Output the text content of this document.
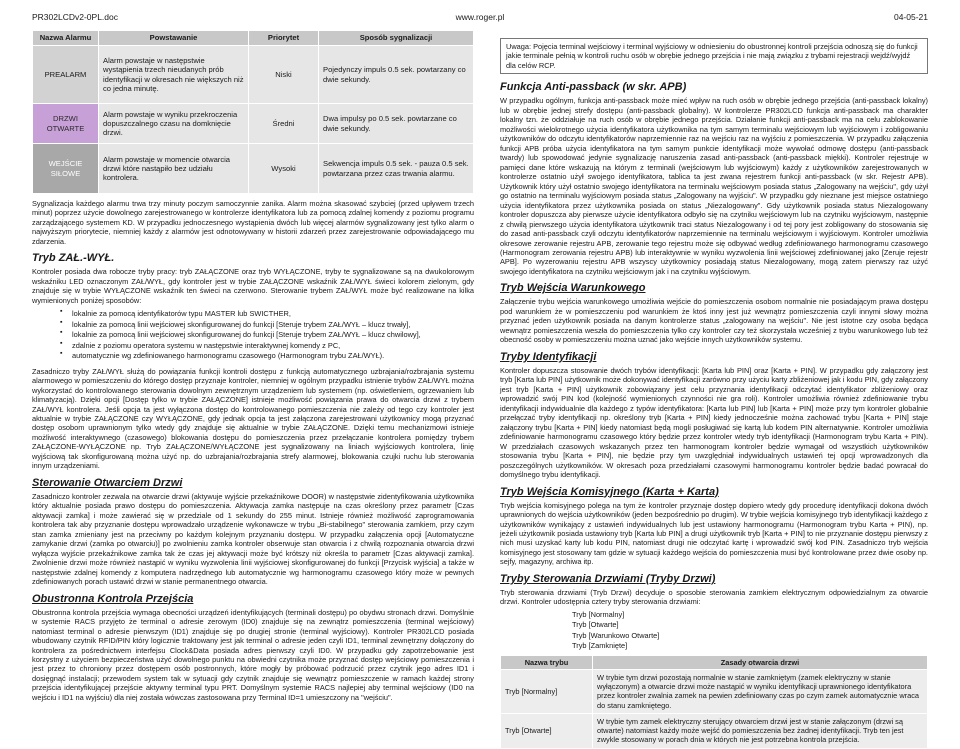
PR302LCDv2-0PL.doc	www.roger.pl	04-05-21
Nazwa Alarmu	Powstawanie	Priorytet	Sposób sygnalizacji
PREALARM	Alarm powstaje w następstwie wystąpienia trzech nieudanych prób identyfikacji w okresach nie większych niż co jedna minutę.	Niski	Pojedynczy impuls 0.5 sek. powtarzany co dwie sekundy.
DRZWI OTWARTE	Alarm powstaje w wyniku przekroczenia dopuszczalnego czasu na domknięcie drzwi.	Średni	Dwa impulsy po 0.5 sek. powtarzane co dwie sekundy.
WEJŚCIE SIŁOWE	Alarm powstaje w momencie otwarcia drzwi które nastąpiło bez udziału kontrolera.	Wysoki	Sekwencja impuls 0.5 sek. - pauza 0.5 sek. powtarzana przez czas trwania alarmu.

Sygnalizacja każdego alarmu trwa trzy minuty poczym samoczynnie zanika. Alarm można skasować szybciej (przed upływem trzech minut) poprzez użycie dowolnego zarejestrowanego w kontrolerze identyfikatora lub za pomocą zdalnej komendy z poziomu programu zarządzającego systemem KD. W przypadku jednoczesnego wystąpienia dwóch lub więcej alarmów sygnalizowany jest tylko alarm o najwyższym priorytecie, niemniej każdy z alarmów jest odnotowywany w historii zdarzeń przez zarejestrowanie odpowiadającego mu zdarzenia.

Tryb ZAŁ.-WYŁ.

Kontroler posiada dwa robocze tryby pracy: tryb ZAŁĄCZONE oraz tryb WYŁĄCZONE, tryby te sygnalizowane są na dwukolorowym wskaźniku LED oznaczonym ZAŁ/WYŁ, gdy kontroler jest w trybie ZAŁĄCZONE wskaźnik ZAŁ/WYŁ świeci kolorem zielonym, gdy znajduje się w trybie WYŁĄCZONE wskaźnik ten świeci na czerwono. Sterowanie trybem ZAŁ/WYŁ może być realizowane na kilka wymienionych poniżej sposobów:

▪ lokalnie za pomocą identyfikatorów typu MASTER lub SWICTHER,
▪ lokalnie za pomocą linii wejściowej skonfigurowanej do funkcji [Steruje trybem ZAŁ/WYŁ – klucz trwały],
▪ lokalnie za pomocą linii wejściowej skonfigurowanej do funkcji [Steruje trybem ZAŁ/WYŁ – klucz chwilowy],
▪ zdalnie z poziomu operatora systemu w następstwie interaktywnej komendy z PC,
▪ automatycznie wg zdefiniowanego harmonogramu czasowego (Harmonogram trybu ZAŁ/WYŁ).

Zasadniczo tryby ZAŁ/WYŁ służą do powiązania funkcji kontroli dostępu z funkcją automatycznego uzbrajania/rozbrajania systemu alarmowego w pomieszczeniu do którego dostęp przyznaje kontroler, niemniej w ogólnym przypadku istnienie trybów ZAŁ/WYŁ można wykorzystać do kontrolowanego sterowania dowolnym zewnętrznym urządzeniem lub systemem (np. oświetleniem, ogrzewaniem lub klimatyzacją). Dzięki opcji [Dostęp tylko w trybie ZAŁĄCZONE] istnieje możliwość powiązania prawa do otwarcia drzwi z trybem ZAŁ/WYŁ kontrolera. Jeśli opcja ta jest wyłączona dostęp do kontrolowanego pomieszczenia nie zależy od tego czy kontroler jest aktualnie w trybie ZAŁĄCZONE czy WYŁĄCZONE, gdy jednak opcja ta jest załączona zarejestrowani użytkownicy mogą przyznać dostęp osobom uprawnionym tylko wtedy gdy znajduje się aktualnie w trybie ZAŁĄCZONE. Dzięki temu mechanizmowi istnieje możliwość interaktywnego (czasowego) blokowania dostępu do pomieszczenia przez przełączanie kontrolera pomiędzy trybem ZAŁĄCZONE-WYŁĄCZONE np. Tryb ZAŁĄCZONE/WYŁĄCZONE jest sygnalizowany na liniach wyjściowych kontrolera, linię wyjściową tak skonfigurowaną można użyć np. do uzbrajania/rozbrajania strefy alarmowej, blokowania czujki ruchu lub sterowania innym urządzeniami.

Sterowanie Otwarciem Drzwi

Zasadniczo kontroler zezwala na otwarcie drzwi (aktywuje wyjście przekaźnikowe DOOR) w następstwie zidentyfikowania użytkownika który aktualnie posiada prawo dostępu do pomieszczenia. Aktywacja zamka następuje na czas określony przez parametr [Czas aktywacji zamka] i może zawierać się w przedziale od 1 sekundy do 255 minut. Istnieje również możliwość zaprogramowania kontrolera tak aby przyznanie dostępu wprowadzało urządzenie wykonawcze w trybu „Bi-stabilnego" sterowania zamkiem, przy czym stan zamka zmieniany jest na przeciwny po każdym kolejnym przyznaniu dostępu. W przypadku załączenia opcji [Automatyczne zamykanie drzwi (zamka po otwarciu)] po zwolnieniu zamka kontroler obserwuje stan otwarcia i z chwilą rozpoznania otwarcia drzwi wyłącza wyjście przekaźnikowe zamka tak że czas jej aktywacji może być krótszy niż określa to parametr [Czas aktywacji zamka]. Zwolnienie drzwi może również nastąpić w wyniku wyzwolenia linii wyjściowej skonfigurowanej do funkcji [Przycisk wyjścia] a także w następstwie zdalnej komendy z komputera nadrzędnego lub automatycznie wg harmonogramu czasowego który może w pewnych zdefiniowanych porach ustawić drzwi w stanie permanentnego otwarcia.

Obustronna Kontrola Przejścia

Obustronna kontrola przejścia wymaga obecności urządzeń identyfikujących (terminali dostępu) po obydwu stronach drzwi. Domyślnie w systemie RACS przyjęto że terminal o adresie zerowym (ID0) znajduje się na zewnątrz pomieszczenia (terminal wejściowy) natomiast terminal o adresie pierwszym (ID1) znajduje się po drugiej stronie (terminal wyjściowy). Kontroler PR302LCD posiada wbudowany czytnik RFID/PIN który logicznie traktowany jest jak terminal o adresie jeden czyli ID1, terminal zewnętrzny dołączony do kontrolera za pośrednictwem interfejsu Clock&Data posiada adres pierwszy czyli ID0. W przypadku gdy zapotrzebowanie jest korzystny z użyciem bezpieczeństwa użyć dowolnego punktu na obwiedni czytnika może przyznać dostęp wejściowy pomieszczenia i jest przez to chroniony przez dostępem osób postronnych, które mogły by próbować podrzucić przez czytnik jego adres ID1 i dosięgnąć instalacji; przewodem system tak w sytuacji gdy czytnik znajduje się wewnątrz pomieszczenie w ramach każdej strony przejścia identyfikującej przejście aktywny terminal typu PRT. Domyślnym systemie RACS najlepiej aby terminal wejściowy (ID0 na wejściu i ID1 na wyjściu) dla niej została wówczas zastosowana przy Terminal ID=1 umieszczony na "wejściu".

Uwaga: Pojęcia terminal wejściowy i terminal wyjściowy w odniesieniu do obustronnej kontroli przejścia odnoszą się do funkcji jakie terminale pełnią w kontroli ruchu osób w obrębie jednego przejścia i nie mają związku z trybami rejestracji wejdź/wyjdź dla celów RCP.
Funkcja Anti-passback (w skr. APB)

W przypadku ogólnym, funkcja anti-passback może mieć wpływ na ruch osób w obrębie jednego przejścia (anti-passback lokalny) lub w obrębie jednej strefy dostępu (anti-passback globalny). W kontrolerze PR302LCD funkcja anti-passback ma charakter lokalny tzn. że oddziałuje na ruch osób w obrębie jednego przejścia. Działanie funkcji anti-passback ma na celu zablokowanie możliwości wielokrotnego użycia identyfikatora użytkownika na tym samym terminalu wejściowym lub wyjściowym i zobligowaniu użytkowników do odczytu identyfikatorów naprzemiennie raz na wejściu raz na wyjściu z pomieszczenia. W przypadku załączenia funkcji APB próba użycia identyfikatora na tym samym punkcie identyfikacji może wywołać odmowę dostępu (anti-passback twardy) lub spowodować jedynie sygnalizację naruszenia zasad anti-passback (anti-passback miękki). Kontroler rejestruje w pamięci dane które wskazują na którym z terminali (wejściowym lub wyjściowym) każdy z użytkowników zarejestrowanych w kontrolerze ostatnio użył swojego identyfikatora, tablica ta jest zwana rejestrem funkcji anti-passback (w skr. Rejestr APB). Użytkownik który użył ostatnio swojego identyfikatora na terminalu wejściowym posiada status „Zalogowany na wejściu", gdy użył go ostatnio na terminalu wyjściowym posiada status „Zalogowany na wyjściu". W przypadku gdy nieznane jest miejsce ostatniego użycia identyfikatora przez użytkownika posiada on status „Niezalogowany". Gdy użytkownik posiada status Niezalogowany kontroler dopuszcza aby pierwsze użycie identyfikatora odbyło się na czytniku wejściowym lub na czytniku wyjściowym, następnie z chwilą pierwszego użycia identyfikatora użytkownik traci status Niezalogowany i od tej pory jest zobligowany do stosowania się do zasad anti-passback czyli odczytu identyfikatorów naprzemiennie na terminalu wejściowym i wyjściowym. Kontroler umożliwia okresowe zerowanie rejestru APB, zerowanie tego rejestru może się odbywać według zdefiniowanego harmonogramu czasowego (Harmonogram zerowania rejestru APB) lub interaktywnie w wyniku wyzwolenia linii wejściowej zdefiniowanej jako [Zeruje rejestr APB]. Po wyzerowaniu rejestru APB wszyscy użytkownicy posiadają status Niezalogowany, mogą zatem pierwszy raz użyć swojego identyfikatora na czytniku wejściowym jak i na czytniku wyjściowym.

Tryb Wejścia Warunkowego

Załączenie trybu wejścia warunkowego umożliwia wejście do pomieszczenia osobom normalnie nie posiadającym prawa dostępu pod warunkiem że w pomieszczeniu pod warunkiem że ktoś inny jest już wewnątrz pomieszczenia czyli innymi słowy można przyznać jeden użytkownik posiada na danym kontrolerze status „zalogowany na wejściu". Nie jest istotne czy osoba będąca wewnątrz pomieszczenia weszła do pomieszczenia tylko czy kontroler czy też skorzystała wcześniej z trybu warunkowego lub też obecność osoby w pomieszczeniu można uznać jako wejście innych użytkowników systemu.

Tryby Identyfikacji

Kontroler dopuszcza stosowanie dwóch trybów identyfikacji: [Karta lub PIN] oraz [Karta + PIN]. W przypadku gdy załączony jest tryb [Karta lub PIN] użytkownik może dokonywać identyfikacji zarówno przy użyciu karty zbliżeniowej jak i kodu PIN, gdy załączony jest tryb [Karta + PIN] użytkownik zobowiązany jest celu przyznania identyfikacji odczytać identyfikator zbliżeniowy oraz wprowadzić swój PIN kod (kolejność wymienionych czynności nie gra roli). Kontroler umożliwia również zdefiniowanie trybu identyfikacji indywidualnie dla każdego z typów identyfikatora: [Karta lub PIN] lub [Karta + PIN] może przy tym kontroler globalnie przełączać tryby identyfikacji np. określony tryb [Karta + PIN] kiedy jednocześnie można zachować trybu [Karta + PIN] staje załączony trybu [Karta + PIN] kiedy natomiast będą mogli posługiwać się kartą lub kodem PIN alternatywnie. Kontroler umożliwia zdefiniowanie harmonogramu czasowego który będzie przez kontroler wtedy tryb identyfikacji (Harmonogram trybu Karta + PIN). W przedziałach czasowych wskazanych przez ten harmonogram kontroler będzie wymagał od wszystkich użytkowników stosowania trybu [Karta + PIN], nie będzie przy tym uwzględniał indywidualnych ustawień tej opcji wprowadzonych dla poszczególnych użytkowników. W okresach poza przedziałami czasowymi harmonogramu kontroler będzie badać powracał do domyślnego trybu identyfikacji.

Tryb Wejścia Komisyjnego (Karta + Karta)

Tryb wejścia komisyjnego polega na tym że kontroler przyznaje dostęp dopiero wtedy gdy procedurę identyfikacji dokona dwóch uprawnionych do wejścia użytkowników (jeden bezpośrednio po drugim). W trybie wejścia komisyjnego tryb identyfikacji każdego z użytkowników wynikający z ustawień indywidualnych lub jest ustawiony harmonogramu (Harmonogram trybu Karta + PIN), np. jeżeli użytkownik posiada ustawiony tryb [Karta lub PIN] a drugi użytkownik tryb [Karta + PIN] to nie przyznanie dostępu pierwszy z nich musi uzyskać karty lub kodu PIN, natomiast drugi nie odczytać kartę i wprowadzić swój kod PIN. Zasadniczo tryb wejścia komisyjnego jest stosowany tam gdzie w sytuacji każdego wejścia do pomieszczenia musi być kontrolowane przez dwie osoby np. sejfy, magazyny, archiwa itp.

Tryby Sterowania Drzwiami (Tryby Drzwi)

Tryb sterowania drzwiami (Tryb Drzwi) decyduje o sposobie sterowania zamkiem elektrycznym odpowiedzialnym za otwarcie drzwi. Kontroler udostępnia cztery tryby sterowania drzwiami:

Tryb [Normalny]
Tryb [Otwarte]
Tryb [Warunkowo Otwarte]
Tryb [Zamknięte]
Nazwa trybu	Zasady otwarcia drzwi
Tryb [Normalny]	W trybie tym drzwi pozostają normalnie w stanie zamkniętym (zamek elektryczny w stanie wyłączonym) a otwarcie drzwi może nastąpić w wyniku identyfikacji uprawnionego identyfikatora przez kontroler zwalnia zamek na pewien zdefiniowany czas po czym zamek automatycznie wraca do stanu zamkniętego.
Tryb [Otwarte]	W trybie tym zamek elektryczny sterujący otwarciem drzwi jest w stanie załączonym (drzwi są otwarte) natomiast każdy może wejść do pomieszczenia bez żadnej identyfikacji. Tryb ten jest zwykle stosowany w porach dnia w których nie jest potrzebna kontrola przejścia.
